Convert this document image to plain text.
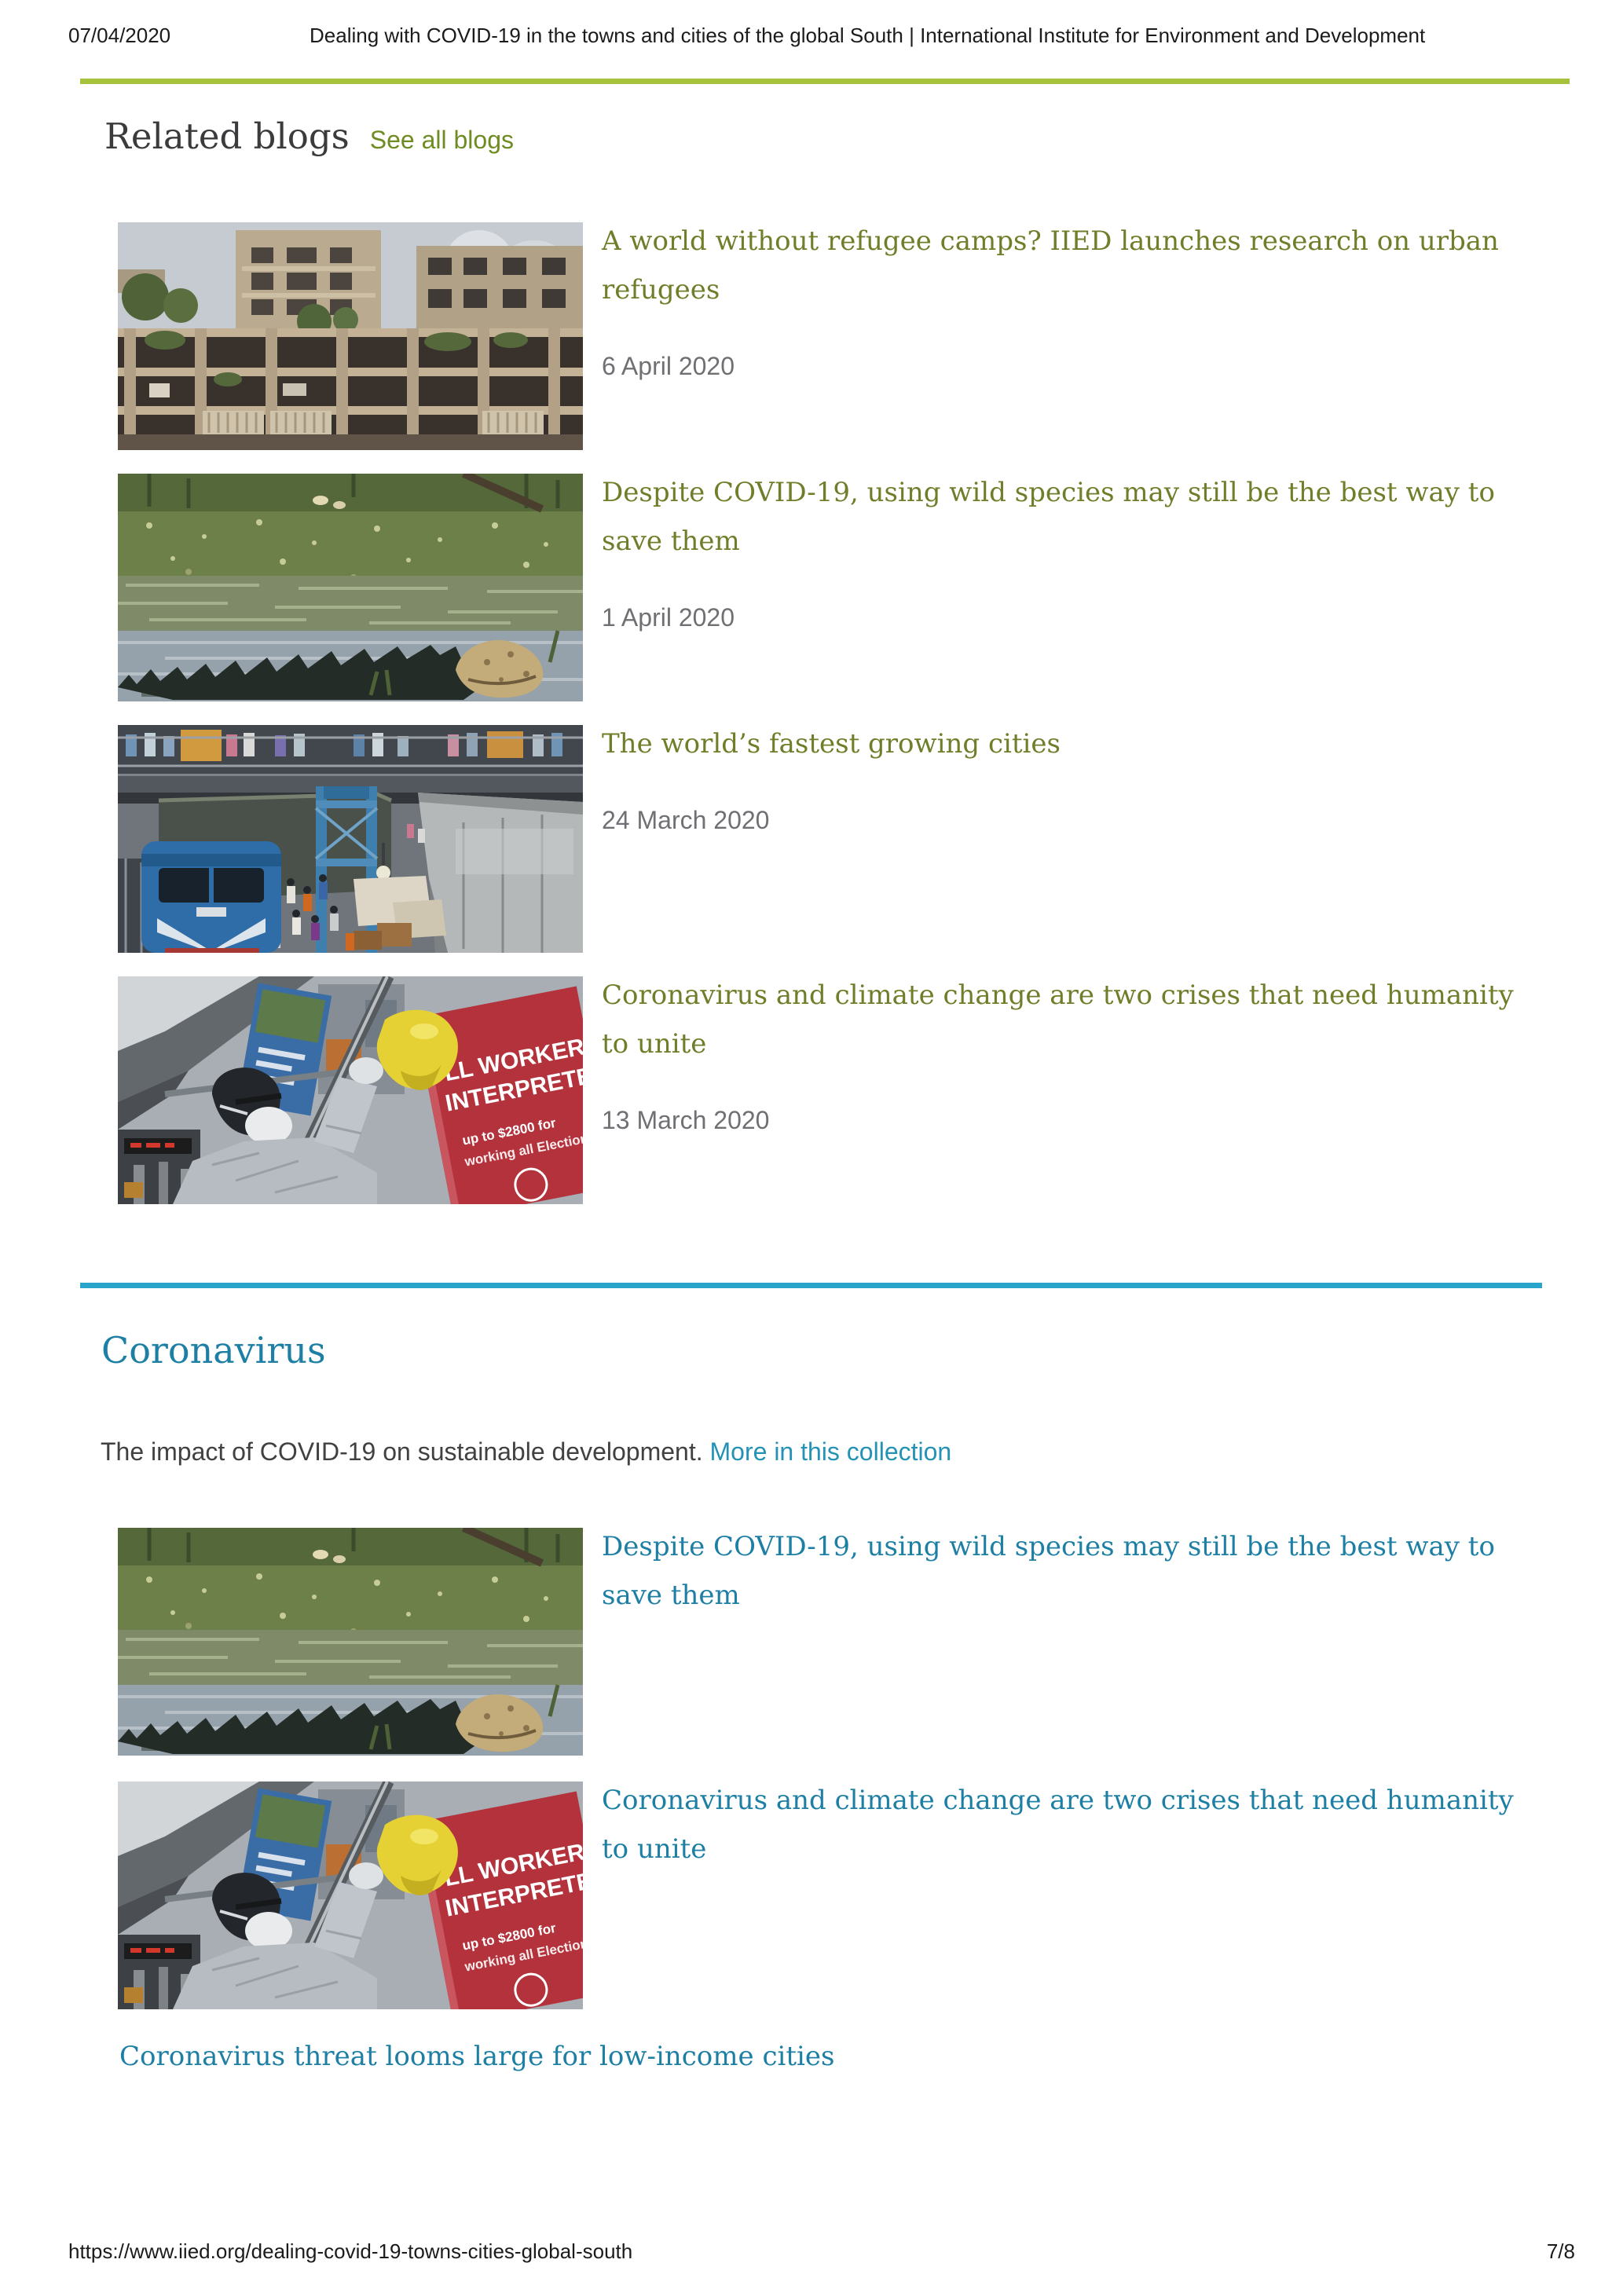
07/04/2020	Dealing with COVID-19 in the towns and cities of the global South | International Institute for Environment and Development
Related blogs See all blogs
A world without refugee camps? IIED launches research on urban
refugees
6 April 2020
Despite COVID-19, using wild species may still be the best way to
save them
1 April 2020
The world’s fastest growing cities
24 March 2020
Coronavirus and climate change are two crises that need humanity
to unite
13 March 2020
Coronavirus
The impact of COVID-19 on sustainable development. More in this collection
Despite COVID-19, using wild species may still be the best way to
save them
Coronavirus and climate change are two crises that need humanity
to unite
Coronavirus threat looms large for low-income cities
https://www.iied.org/dealing-covid-19-towns-cities-global-south	7/8
